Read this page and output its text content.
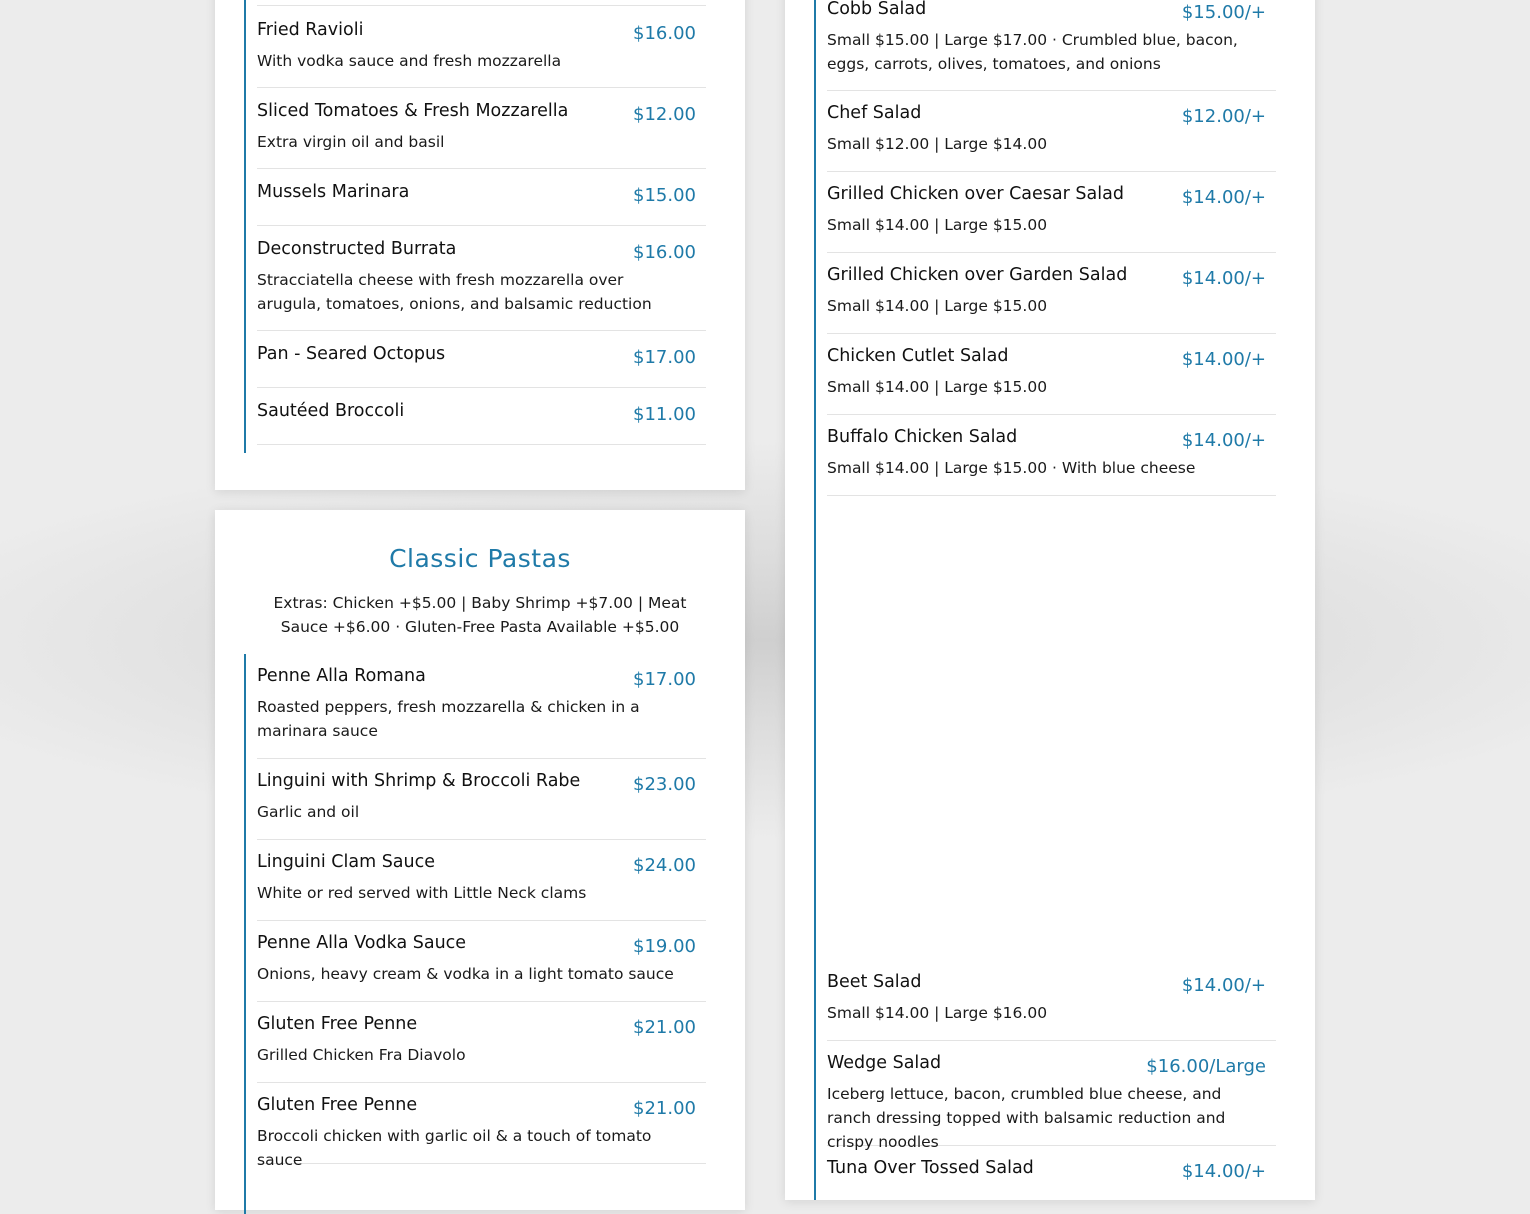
Fried Ravioli	$16.00
With vodka sauce and fresh mozzarella
Sliced Tomatoes & Fresh Mozzarella	$12.00
Extra virgin oil and basil
Mussels Marinara	$15.00
Deconstructed Burrata	$16.00
Stracciatella cheese with fresh mozzarella over arugula, tomatoes, onions, and balsamic reduction
Pan - Seared Octopus	$17.00
Sautéed Broccoli	$11.00
Classic Pastas
Extras: Chicken +$5.00 | Baby Shrimp +$7.00 | Meat Sauce +$6.00 · Gluten-Free Pasta Available +$5.00
Penne Alla Romana	$17.00
Roasted peppers, fresh mozzarella & chicken in a marinara sauce
Linguini with Shrimp & Broccoli Rabe	$23.00
Garlic and oil
Linguini Clam Sauce	$24.00
White or red served with Little Neck clams
Penne Alla Vodka Sauce	$19.00
Onions, heavy cream & vodka in a light tomato sauce
Gluten Free Penne	$21.00
Grilled Chicken Fra Diavolo
Gluten Free Penne	$21.00
Broccoli chicken with garlic oil & a touch of tomato sauce
Cobb Salad	$15.00/+
Small $15.00 | Large $17.00 · Crumbled blue, bacon, eggs, carrots, olives, tomatoes, and onions
Chef Salad	$12.00/+
Small $12.00 | Large $14.00
Grilled Chicken over Caesar Salad	$14.00/+
Small $14.00 | Large $15.00
Grilled Chicken over Garden Salad	$14.00/+
Small $14.00 | Large $15.00
Chicken Cutlet Salad	$14.00/+
Small $14.00 | Large $15.00
Buffalo Chicken Salad	$14.00/+
Small $14.00 | Large $15.00 · With blue cheese
Beet Salad	$14.00/+
Small $14.00 | Large $16.00
Wedge Salad	$16.00/Large
Iceberg lettuce, bacon, crumbled blue cheese, and ranch dressing topped with balsamic reduction and crispy noodles
Tuna Over Tossed Salad	$14.00/+
